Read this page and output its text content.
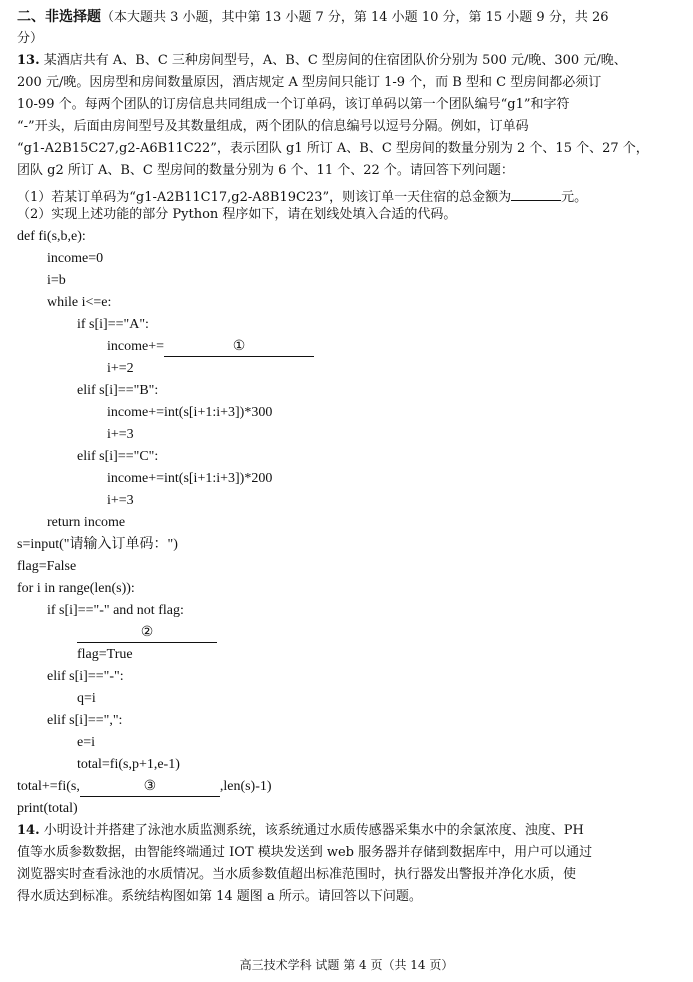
二、非选择题（本大题共 3 小题，其中第 13 小题 7 分，第 14 小题 10 分，第 15 小题 9 分，共 26
分）
13. 某酒店共有 A、B、C 三种房间型号，A、B、C 型房间的住宿团队价分别为 500 元/晚、300 元/晚、
200 元/晚。因房型和房间数量原因，酒店规定 A 型房间只能订 1-9 个，而 B 型和 C 型房间都必须订
10-99 个。每两个团队的订房信息共同组成一个订单码，该订单码以第一个团队编号“g1”和字符
“-”开头，后面由房间型号及其数量组成，两个团队的信息编号以逗号分隔。例如，订单码
“g1-A2B15C27,g2-A6B11C22”，表示团队 g1 所订 A、B、C 型房间的数量分别为 2 个、15 个、27 个，
团队 g2 所订 A、B、C 型房间的数量分别为 6 个、11 个、22 个。请回答下列问题：
（1）若某订单码为“g1-A2B11C17,g2-A8B19C23”，则该订单一天住宿的总金额为	元。
（2）实现上述功能的部分 Python 程序如下，请在划线处填入合适的代码。
def fi(s,b,e):
income=0
i=b
while i<=e:
if s[i]=="A":
income+=	①
i+=2
elif s[i]=="B":
income+=int(s[i+1:i+3])*300
i+=3
elif s[i]=="C":
income+=int(s[i+1:i+3])*200
i+=3
return income
s=input("请输入订单码：")
flag=False
for i in range(len(s)):
if s[i]=="-" and not flag:
②
flag=True
elif s[i]=="-":
q=i
elif s[i]==",":
e=i
total=fi(s,p+1,e-1)
total+=fi(s,	③	,len(s)-1)
print(total)
14. 小明设计并搭建了泳池水质监测系统，该系统通过水质传感器采集水中的余氯浓度、浊度、PH
值等水质参数数据，由智能终端通过 IOT 模块发送到 web 服务器并存储到数据库中，用户可以通过
浏览器实时查看泳池的水质情况。当水质参数值超出标准范围时，执行器发出警报并净化水质，使
得水质达到标准。系统结构图如第 14 题图 a 所示。请回答以下问题。
高三技术学科 试题 第 4 页（共 14 页）
